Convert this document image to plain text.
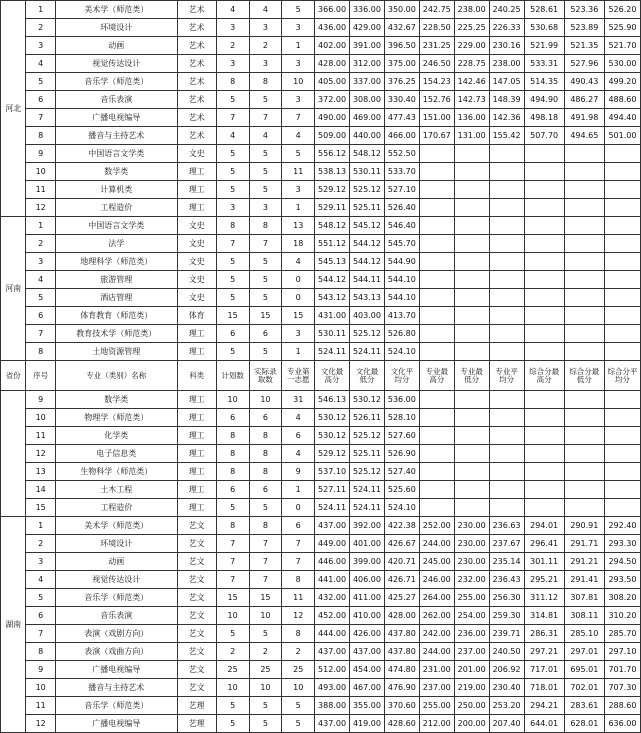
河北	1	美术学（师范类）	艺术	4	4	5	366.00	336.00	350.00	242.75	238.00	240.25	528.61	523.36	526.20
	2	环境设计	艺术	3	3	3	436.00	429.00	432.67	228.50	225.25	226.33	530.68	523.89	525.90
	3	动画	艺术	2	2	1	402.00	391.00	396.50	231.25	229.00	230.16	521.99	521.35	521.70
	4	视觉传达设计	艺术	3	3	3	428.00	312.00	375.00	246.50	228.75	238.00	533.31	527.96	530.00
	5	音乐学（师范类）	艺术	8	8	10	405.00	337.00	376.25	154.23	142.46	147.05	514.35	490.43	499.20
	6	音乐表演	艺术	5	5	3	372.00	308.00	330.40	152.76	142.73	148.39	494.90	486.27	488.60
	7	广播电视编导	艺术	7	7	7	490.00	469.00	477.43	151.00	136.00	142.36	498.18	491.98	494.40
	8	播音与主持艺术	艺术	4	4	4	509.00	440.00	466.00	170.67	131.00	155.42	507.70	494.65	501.00
	9	中国语言文学类	文史	5	5	5	556.12	548.12	552.50						
	10	数学类	理工	5	5	11	538.13	530.11	533.70						
	11	计算机类	理工	5	5	3	529.12	525.12	527.10						
	12	工程造价	理工	3	3	1	529.11	525.11	526.40						
河南	1	中国语言文学类	文史	8	8	13	548.12	545.12	546.40						
	2	法学	文史	7	7	18	551.12	544.12	545.70						
	3	地理科学（师范类）	文史	5	5	4	545.13	544.12	544.90						
	4	旅游管理	文史	5	5	0	544.12	544.11	544.10						
	5	酒店管理	文史	5	5	0	543.12	543.13	544.10						
	6	体育教育（师范类）	体育	15	15	15	431.00	403.00	413.70						
	7	教育技术学（师范类）	理工	6	6	3	530.11	525.12	526.80						
	8	土地资源管理	理工	5	5	1	524.11	524.11	524.10						
省份	序号	专业（类别）名称	科类	计划数	实际录取数	专业第一志愿	文化最高分	文化最低分	文化平均分	专业最高分	专业最低分	专业平均分	综合分最高分	综合分最低分	综合分平均分
	9	数学类	理工	10	10	31	546.13	530.12	536.00						
	10	物理学（师范类）	理工	6	6	4	530.12	526.11	528.10						
	11	化学类	理工	8	8	6	530.12	525.12	527.60						
	12	电子信息类	理工	8	8	4	529.12	525.11	526.90						
	13	生物科学（师范类）	理工	8	8	9	537.10	525.12	527.40						
	14	土木工程	理工	6	6	1	527.11	524.11	525.60						
	15	工程造价	理工	5	5	0	524.11	524.11	524.10						
湖南	1	美术学（师范类）	艺文	8	8	6	437.00	392.00	422.38	252.00	230.00	236.63	294.01	290.91	292.40
	2	环境设计	艺文	7	7	7	449.00	401.00	426.67	244.00	230.00	237.67	296.41	291.71	293.30
	3	动画	艺文	7	7	7	446.00	399.00	420.71	245.00	230.00	235.14	301.11	291.21	294.50
	4	视觉传达设计	艺文	7	7	8	441.00	406.00	426.71	246.00	232.00	236.43	295.21	291.41	293.50
	5	音乐学（师范类）	艺文	15	15	11	432.00	411.00	425.27	264.00	255.00	256.30	311.12	307.81	308.20
	6	音乐表演	艺文	10	10	12	452.00	410.00	428.00	262.00	254.00	259.30	314.81	308.11	310.20
	7	表演（戏剧方向）	艺文	5	5	8	444.00	426.00	437.80	242.00	236.00	239.71	286.31	285.10	285.70
	8	表演（戏曲方向）	艺文	2	2	2	437.00	437.00	437.80	244.00	237.00	240.50	297.21	297.01	297.10
	9	广播电视编导	艺文	25	25	25	512.00	454.00	474.80	231.00	201.00	206.92	717.01	695.01	701.70
	10	播音与主持艺术	艺文	10	10	10	493.00	467.00	476.90	237.00	219.00	230.40	718.01	702.01	707.30
	11	音乐学（师范类）	艺理	5	5	5	388.00	355.00	370.60	255.00	250.00	253.20	294.21	283.61	288.60
	12	广播电视编导	艺理	5	5	5	437.00	419.00	428.60	212.00	200.00	207.40	644.01	628.01	636.00
